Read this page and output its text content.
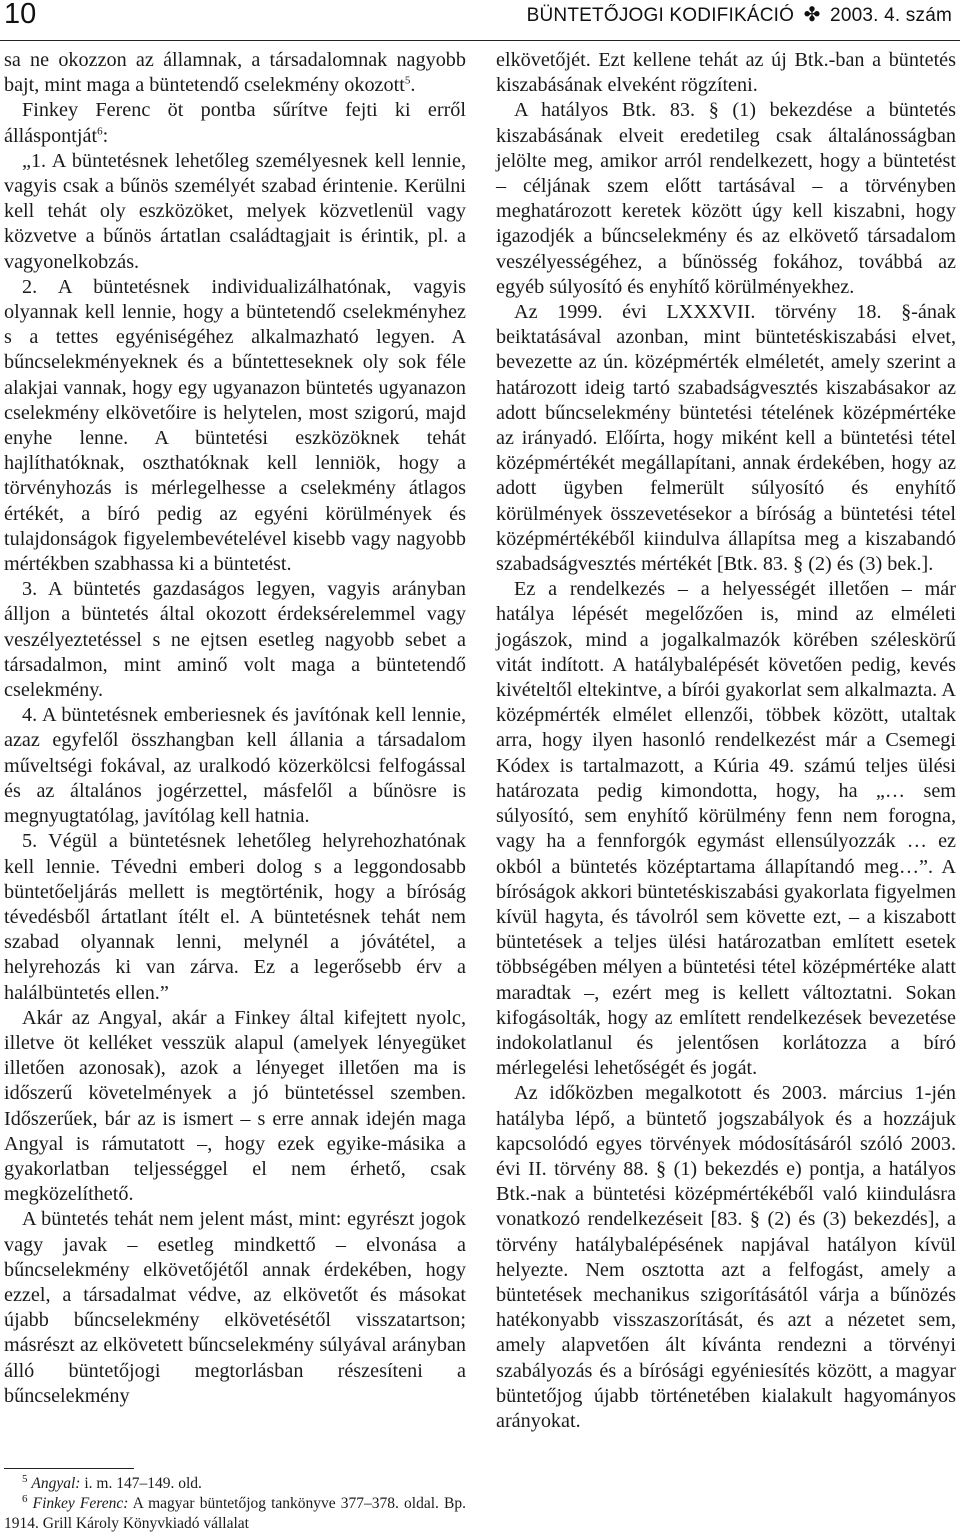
10	BÜNTETŐJOGI KODIFIKÁCIÓ ✤ 2003. 4. szám

sa ne okozzon az államnak, a társadalomnak nagyobb bajt, mint maga a büntetendő cselekmény okozott$^5$.

Finkey Ferenc öt pontba sűrítve fejti ki erről álláspontját$^6$:

„1. A büntetésnek lehetőleg személyesnek kell lennie, vagyis csak a bűnös személyét szabad érintenie. Kerülni kell tehát oly eszközöket, melyek közvetlenül vagy közvetve a bűnös ártatlan családtagjait is érintik, pl. a vagyonelkobzás.

2. A büntetésnek individualizálhatónak, vagyis olyannak kell lennie, hogy a büntetendő cselekményhez s a tettes egyéniségéhez alkalmazható legyen. A bűncselekményeknek és a bűntetteseknek oly sok féle alakjai vannak, hogy egy ugyanazon büntetés ugyanazon cselekmény elkövetőire is helytelen, most szigorú, majd enyhe lenne. A büntetési eszközöknek tehát hajlíthatóknak, oszthatóknak kell lenniök, hogy a törvényhozás is mérlegelhesse a cselekmény átlagos értékét, a bíró pedig az egyéni körülmények és tulajdonságok figyelembevételével kisebb vagy nagyobb mértékben szabhassa ki a büntetést.

3. A büntetés gazdaságos legyen, vagyis arányban álljon a büntetés által okozott érdeksérelemmel vagy veszélyeztetéssel s ne ejtsen esetleg nagyobb sebet a társadalmon, mint aminő volt maga a büntetendő cselekmény.

4. A büntetésnek emberiesnek és javítónak kell lennie, azaz egyfelől összhangban kell állania a társadalom műveltségi fokával, az uralkodó közerkölcsi felfogással és az általános jogérzettel, másfelől a bűnösre is megnyugtatólag, javítólag kell hatnia.

5. Végül a büntetésnek lehetőleg helyrehozhatónak kell lennie. Tévedni emberi dolog s a leggondosabb büntetőeljárás mellett is megtörténik, hogy a bíróság tévedésből ártatlant ítélt el. A büntetésnek tehát nem szabad olyannak lenni, melynél a jóvátétel, a helyrehozás ki van zárva. Ez a legerősebb érv a halálbüntetés ellen.”

Akár az Angyal, akár a Finkey által kifejtett nyolc, illetve öt kelléket vesszük alapul (amelyek lényegüket illetően azonosak), azok a lényeget illetően ma is időszerű követelmények a jó büntetéssel szemben. Időszerűek, bár az is ismert – s erre annak idején maga Angyal is rámutatott –, hogy ezek egyike-másika a gyakorlatban teljességgel el nem érhető, csak megközelíthető.

A büntetés tehát nem jelent mást, mint: egyrészt jogok vagy javak – esetleg mindkettő – elvonása a bűncselekmény elkövetőjétől annak érdekében, hogy ezzel, a társadalmat védve, az elkövetőt és másokat újabb bűncselekmény elkövetésétől visszatartson; másrészt az elkövetett bűncselekmény súlyával arányban álló büntetőjogi megtorlásban részesíteni a bűncselekmény

elkövetőjét. Ezt kellene tehát az új Btk.-ban a büntetés kiszabásának elveként rögzíteni.

A hatályos Btk. 83. § (1) bekezdése a büntetés kiszabásának elveit eredetileg csak általánosságban jelölte meg, amikor arról rendelkezett, hogy a büntetést – céljának szem előtt tartásával – a törvényben meghatározott keretek között úgy kell kiszabni, hogy igazodjék a bűncselekmény és az elkövető társadalom veszélyességéhez, a bűnösség fokához, továbbá az egyéb súlyosító és enyhítő körülményekhez.

Az 1999. évi LXXXVII. törvény 18. §-ának beiktatásával azonban, mint büntetéskiszabási elvet, bevezette az ún. középmérték elméletét, amely szerint a határozott ideig tartó szabadságvesztés kiszabásakor az adott bűncselekmény büntetési tételének középmértéke az irányadó. Előírta, hogy miként kell a büntetési tétel középmértékét megállapítani, annak érdekében, hogy az adott ügyben felmerült súlyosító és enyhítő körülmények összevetésekor a bíróság a büntetési tétel középmértékéből kiindulva állapítsa meg a kiszabandó szabadságvesztés mértékét [Btk. 83. § (2) és (3) bek.].

Ez a rendelkezés – a helyességét illetően – már hatálya lépését megelőzően is, mind az elméleti jogászok, mind a jogalkalmazók körében széleskörű vitát indított. A hatálybalépését követően pedig, kevés kivételtől eltekintve, a bírói gyakorlat sem alkalmazta. A középmérték elmélet ellenzői, többek között, utaltak arra, hogy ilyen hasonló rendelkezést már a Csemegi Kódex is tartalmazott, a Kúria 49. számú teljes ülési határozata pedig kimondotta, hogy, ha „… sem súlyosító, sem enyhítő körülmény fenn nem forogna, vagy ha a fennforgók egymást ellensúlyozzák … ez okból a büntetés középtartama állapítandó meg…”. A bíróságok akkori büntetéskiszabási gyakorlata figyelmen kívül hagyta, és távolról sem követte ezt, – a kiszabott büntetések a teljes ülési határozatban említett esetek többségében mélyen a büntetési tétel középmértéke alatt maradtak –, ezért meg is kellett változtatni. Sokan kifogásolták, hogy az említett rendelkezések bevezetése indokolatlanul és jelentősen korlátozza a bíró mérlegelési lehetőségét és jogát.

Az időközben megalkotott és 2003. március 1-jén hatályba lépő, a büntető jogszabályok és a hozzájuk kapcsolódó egyes törvények módosításáról szóló 2003. évi II. törvény 88. § (1) bekezdés e) pontja, a hatályos Btk.-nak a büntetési középmértékéből való kiindulásra vonatkozó rendelkezéseit [83. § (2) és (3) bekezdés], a törvény hatálybalépésének napjával hatályon kívül helyezte. Nem osztotta azt a felfogást, amely a büntetések mechanikus szigorításától várja a bűnözés hatékonyabb visszaszorítását, és azt a nézetet sem, amely alapvetően ált kívánta rendezni a törvényi szabályozás és a bírósági egyéniesítés között, a magyar büntetőjog újabb történetében kialakult hagyományos arányokat.

$^5$ Angyal: i. m. 147–149. old.

$^6$ Finkey Ferenc: A magyar büntetőjog tankönyve 377–378. oldal. Bp. 1914. Grill Károly Könyvkiadó vállalat
